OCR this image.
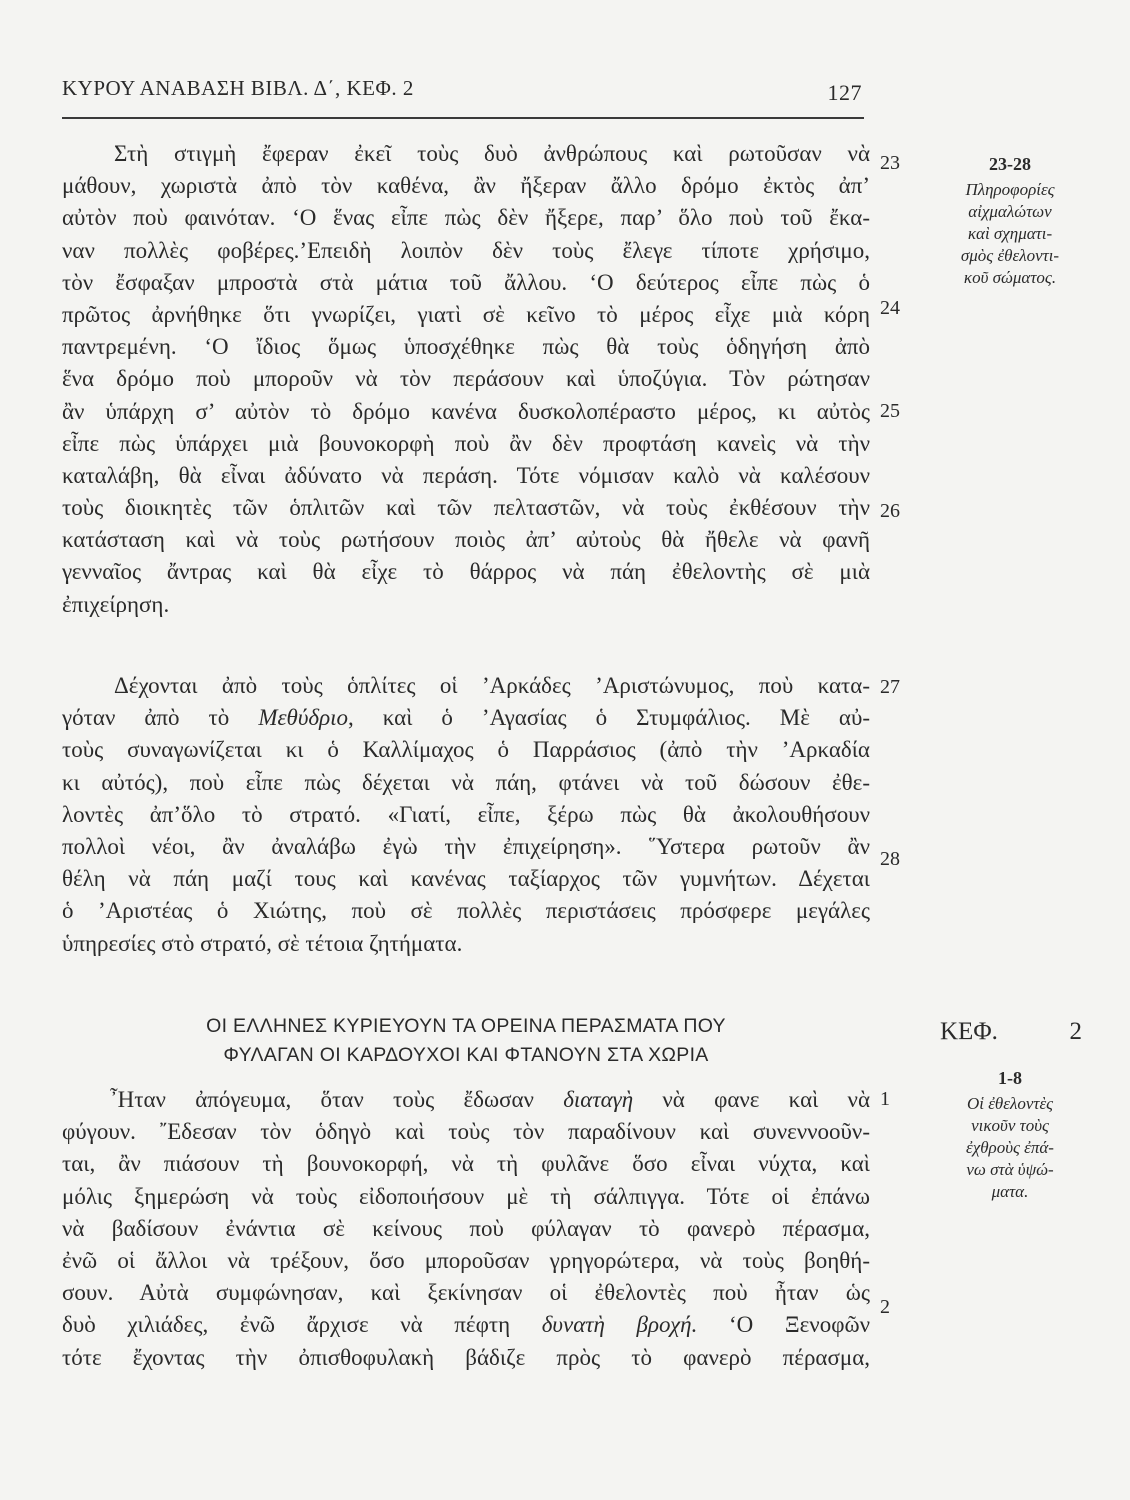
ΚΥΡΟΥ ΑΝΑΒΑΣΗ ΒΙΒΛ. Δ΄, ΚΕΦ. 2	127
Στὴ στιγμὴ ἔφεραν ἐκεῖ τοὺς δυὸ ἀνθρώπους καὶ ρωτοῦσαν νὰ
μάθουν, χωριστὰ ἀπὸ τὸν καθένα, ἂν ἤξεραν ἄλλο δρόμο ἐκτὸς ἀπ’
αὐτὸν ποὺ φαινόταν. ‘Ο ἕνας εἶπε πὼς δὲν ἤξερε, παρ’ ὅλο ποὺ τοῦ ἔκα-
ναν πολλὲς φοβέρες.’Επειδὴ λοιπὸν δὲν τοὺς ἔλεγε τίποτε χρήσιμο,
τὸν ἔσφαξαν μπροστὰ στὰ μάτια τοῦ ἄλλου. ‘Ο δεύτερος εἶπε πὼς ὁ
πρῶτος ἀρνήθηκε ὅτι γνωρίζει, γιατὶ σὲ κεῖνο τὸ μέρος εἶχε μιὰ κόρη
παντρεμένη. ‘Ο ἴδιος ὅμως ὑποσχέθηκε πὼς θὰ τοὺς ὁδηγήση ἀπὸ
ἕνα δρόμο ποὺ μποροῦν νὰ τὸν περάσουν καὶ ὑποζύγια. Τὸν ρώτησαν
ἂν ὑπάρχη σ’ αὐτὸν τὸ δρόμο κανένα δυσκολοπέραστο μέρος, κι αὐτὸς
εἶπε πὼς ὑπάρχει μιὰ βουνοκορφὴ ποὺ ἂν δὲν προφτάση κανεὶς νὰ τὴν
καταλάβη, θὰ εἶναι ἀδύνατο νὰ περάση. Τότε νόμισαν καλὸ νὰ καλέσουν
τοὺς διοικητὲς τῶν ὁπλιτῶν καὶ τῶν πελταστῶν, νὰ τοὺς ἐκθέσουν τὴν
κατάσταση καὶ νὰ τοὺς ρωτήσουν ποιὸς ἀπ’ αὐτοὺς θὰ ἤθελε νὰ φανῆ
γενναῖος ἄντρας καὶ θὰ εἶχε τὸ θάρρος νὰ πάη ἐθελοντὴς σὲ μιὰ
ἐπιχείρηση.
Δέχονται ἀπὸ τοὺς ὁπλίτες οἱ ’Αρκάδες ’Αριστώνυμος, ποὺ κατα-
γόταν ἀπὸ τὸ Μεθύδριο, καὶ ὁ ’Αγασίας ὁ Στυμφάλιος. Μὲ αὐ-
τοὺς συναγωνίζεται κι ὁ Καλλίμαχος ὁ Παρράσιος (ἀπὸ τὴν ’Αρκαδία
κι αὐτός), ποὺ εἶπε πὼς δέχεται νὰ πάη, φτάνει νὰ τοῦ δώσουν ἐθε-
λοντὲς ἀπ’ὅλο τὸ στρατό. «Γιατί, εἶπε, ξέρω πὼς θὰ ἀκολουθήσουν
πολλοὶ νέοι, ἂν ἀναλάβω ἐγὼ τὴν ἐπιχείρηση». ῞Υστερα ρωτοῦν ἂν
θέλη νὰ πάη μαζί τους καὶ κανένας ταξίαρχος τῶν γυμνήτων. Δέχεται
ὁ ’Αριστέας ὁ Χιώτης, ποὺ σὲ πολλὲς περιστάσεις πρόσφερε μεγάλες
ὑπηρεσίες στὸ στρατό, σὲ τέτοια ζητήματα.
ΟΙ ΕΛΛΗΝΕΣ ΚΥΡΙΕΥΟΥΝ ΤΑ ΟΡΕΙΝΑ ΠΕΡΑΣΜΑΤΑ ΠΟΥ
ΦΥΛΑΓΑΝ ΟΙ ΚΑΡΔΟΥΧΟΙ ΚΑΙ ΦΤΑΝΟΥΝ ΣΤΑ ΧΩΡΙΑ
῏Ηταν ἀπόγευμα, ὅταν τοὺς ἔδωσαν διαταγὴ νὰ φανε καὶ νὰ
φύγουν. ῎Εδεσαν τὸν ὁδηγὸ καὶ τοὺς τὸν παραδίνουν καὶ συνεννοοῦν-
ται, ἂν πιάσουν τὴ βουνοκορφή, νὰ τὴ φυλᾶνε ὅσο εἶναι νύχτα, καὶ
μόλις ξημερώση νὰ τοὺς εἰδοποιήσουν μὲ τὴ σάλπιγγα. Τότε οἱ ἐπάνω
νὰ βαδίσουν ἐνάντια σὲ κείνους ποὺ φύλαγαν τὸ φανερὸ πέρασμα,
ἐνῶ οἱ ἄλλοι νὰ τρέξουν, ὅσο μποροῦσαν γρηγορώτερα, νὰ τοὺς βοηθή-
σουν. Αὐτὰ συμφώνησαν, καὶ ξεκίνησαν οἱ ἐθελοντὲς ποὺ ἦταν ὡς
δυὸ χιλιάδες, ἐνῶ ἄρχισε νὰ πέφτη δυνατὴ βροχή. ‘Ο Ξενοφῶν
τότε ἔχοντας τὴν ὀπισθοφυλακὴ βάδιζε πρὸς τὸ φανερὸ πέρασμα,
23
24
25
26
27
28
1
2
23-28
Πληροφορίες
αἰχμαλώτων
καὶ σχηματι-
σμὸς ἐθελοντι-
κοῦ σώματος.
ΚΕΦ.	2
1-8
Οἱ ἐθελοντὲς
νικοῦν τοὺς
ἐχθροὺς ἐπά-
νω στὰ ὑψώ-
ματα.
